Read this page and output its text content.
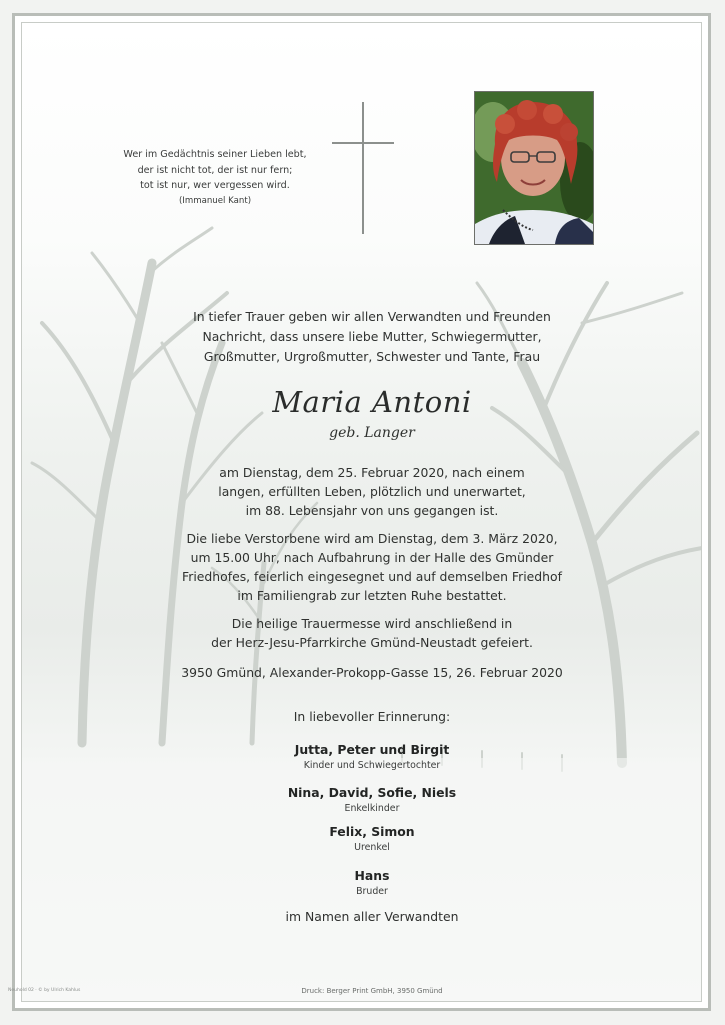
Wer im Gedächtnis seiner Lieben lebt,
der ist nicht tot, der ist nur fern;
tot ist nur, wer vergessen wird.
(Immanuel Kant)
In tiefer Trauer geben wir allen Verwandten und Freunden
Nachricht, dass unsere liebe Mutter, Schwiegermutter,
Großmutter, Urgroßmutter, Schwester und Tante, Frau
Maria Antoni
geb. Langer
am Dienstag, dem 25. Februar 2020, nach einem
langen, erfüllten Leben, plötzlich und unerwartet,
im 88. Lebensjahr von uns gegangen ist.
Die liebe Verstorbene wird am Dienstag, dem 3. März 2020,
um 15.00 Uhr, nach Aufbahrung in der Halle des Gmünder
Friedhofes, feierlich eingesegnet und auf demselben Friedhof
im Familiengrab zur letzten Ruhe bestattet.
Die heilige Trauermesse wird anschließend in
der Herz-Jesu-Pfarrkirche Gmünd-Neustadt gefeiert.
3950 Gmünd, Alexander-Prokopp-Gasse 15, 26. Februar 2020
In liebevoller Erinnerung:
Jutta, Peter und Birgit
Kinder und Schwiegertochter
Nina, David, Sofie, Niels
Enkelkinder
Felix, Simon
Urenkel
Hans
Bruder
im Namen aller Verwandten
Druck: Berger Print GmbH, 3950 Gmünd
Neuhold 02 · © by Ulrich Kahlus
